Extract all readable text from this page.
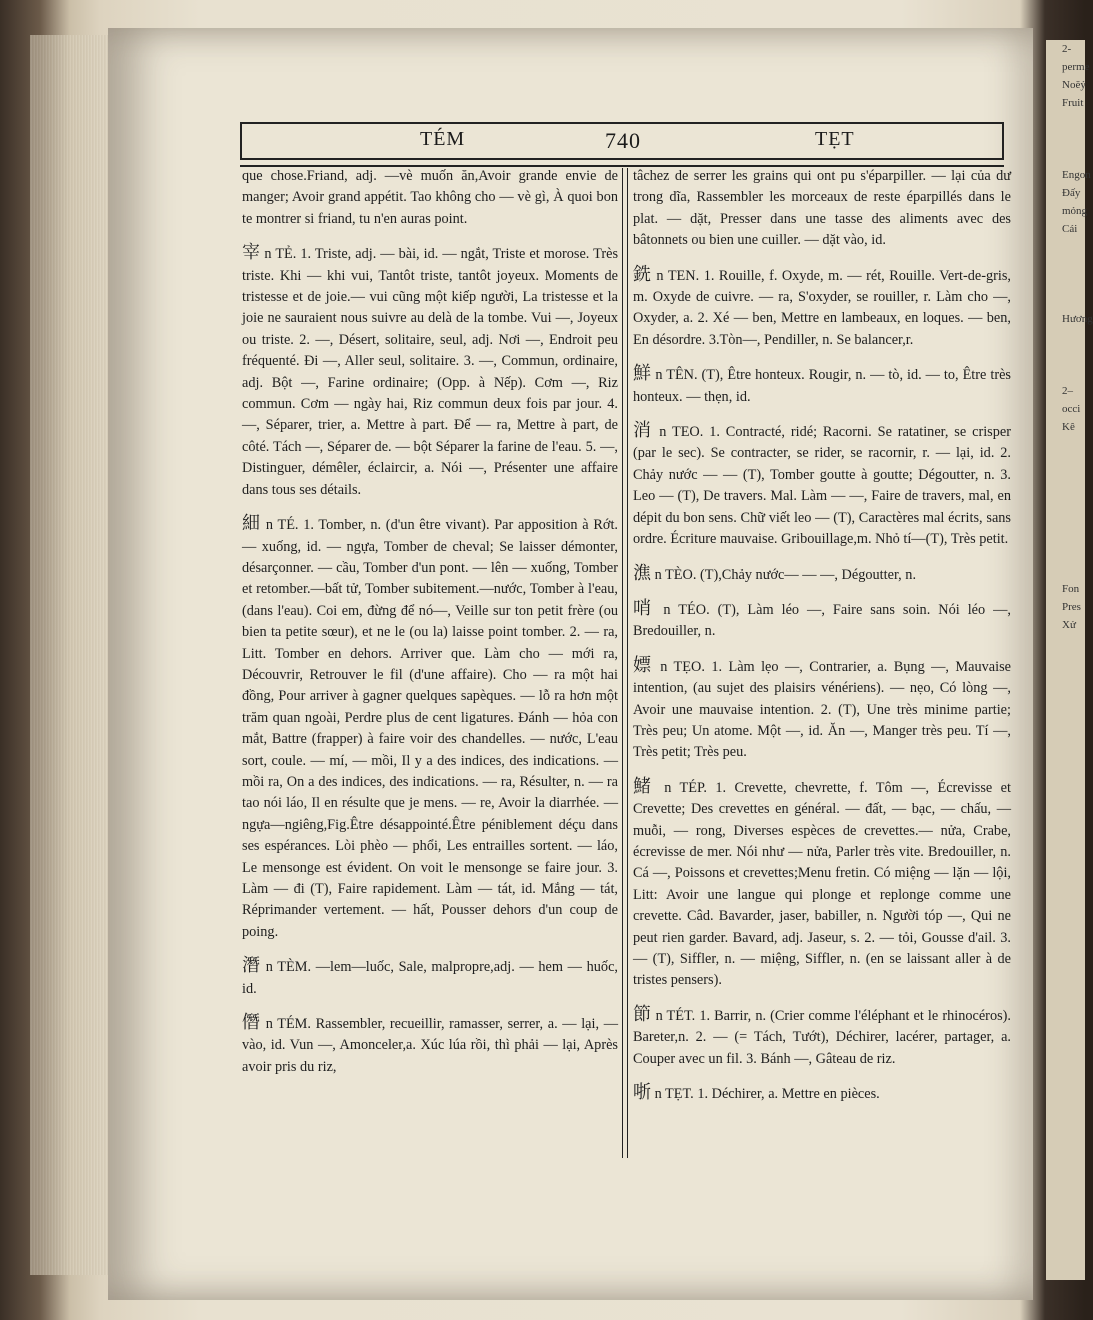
2-
perme
Noĕỷ
Fruit

Engon
Đấy
mỏng
Cái

Hương

2–
occi
Kê

Fon
Pres
Xử
TÉM	740	TẸT

que chose.Friand, adj. —vè muốn ăn,Avoir grande envie de manger; Avoir grand appétit. Tao không cho — vè gì, À quoi bon te montrer si friand, tu n'en auras point.

宰 n TẺ. 1. Triste, adj. — bài, id. — ngắt, Triste et morose. Très triste. Khi — khi vui, Tantôt triste, tantôt joyeux. Moments de tristesse et de joie.— vui cũng một kiếp người, La tristesse et la joie ne sauraient nous suivre au delà de la tombe. Vui —, Joyeux ou triste. 2. —, Désert, solitaire, seul, adj. Nơi —, Endroit peu fréquenté. Đi —, Aller seul, solitaire. 3. —, Commun, ordinaire, adj. Bột —, Farine ordinaire; (Opp. à Nếp). Cơm —, Riz commun. Cơm — ngày hai, Riz commun deux fois par jour. 4. —, Séparer, trier, a. Mettre à part. Để — ra, Mettre à part, de côté. Tách —, Séparer de. — bột Séparer la farine de l'eau. 5. —, Distinguer, démêler, éclaircir, a. Nói —, Présenter une affaire dans tous ses détails.

細 n TÉ. 1. Tomber, n. (d'un être vivant). Par apposition à Rớt. — xuống, id. — ngựa, Tomber de cheval; Se laisser démonter, désarçonner. — cầu, Tomber d'un pont. — lên — xuống, Tomber et retomber.—bất tử, Tomber subitement.—nước, Tomber à l'eau,(dans l'eau). Coi em, đừng để nó—, Veille sur ton petit frère (ou bien ta petite sœur), et ne le (ou la) laisse point tomber. 2. — ra, Litt. Tomber en dehors. Arriver que. Làm cho — mới ra, Découvrir, Retrouver le fil (d'une affaire). Cho — ra một hai đồng, Pour arriver à gagner quelques sapèques. — lỗ ra hơn một trăm quan ngoài, Perdre plus de cent ligatures. Đánh — hỏa con mắt, Battre (frapper) à faire voir des chandelles. — nước, L'eau sort, coule. — mí, — mồi, Il y a des indices, des indications. — mồi ra, On a des indices, des indications. — ra, Résulter, n. — ra tao nói láo, Il en résulte que je mens. — re, Avoir la diarrhée. —ngựa—ngiêng,Fig.Être désappointé.Être péniblement déçu dans ses espérances. Lòi phèo — phổi, Les entrailles sortent. — láo, Le mensonge est évident. On voit le mensonge se faire jour. 3. Làm — đi (T), Faire rapidement. Làm — tát, id. Mắng — tát, Réprimander vertement. — hất, Pousser dehors d'un coup de poing.

潛 n TÈM. —lem—luốc, Sale, malpropre,adj. — hem — huốc, id.

僭 n TÉM. Rassembler, recueillir, ramasser, serrer, a. — lại, — vào, id. Vun —, Amonceler,a. Xúc lúa rồi, thì phải — lại, Après avoir pris du riz,

tâchez de serrer les grains qui ont pu s'éparpiller. — lại của dư trong dĩa, Rassembler les morceaux de reste éparpillés dans le plat. — dặt, Presser dans une tasse des aliments avec des bâtonnets ou bien une cuiller. — dặt vào, id.

銑 n TEN. 1. Rouille, f. Oxyde, m. — rét, Rouille. Vert-de-gris, m. Oxyde de cuivre. — ra, S'oxyder, se rouiller, r. Làm cho —, Oxyder, a. 2. Xé — ben, Mettre en lambeaux, en loques. — ben, En désordre. 3.Tòn—, Pendiller, n. Se balancer,r.

鮮 n TÊN. (T), Être honteux. Rougir, n. — tò, id. — to, Être très honteux. — thẹn, id.

消 n TEO. 1. Contracté, ridé; Racorni. Se ratatiner, se crisper (par le sec). Se contracter, se rider, se racornir, r. — lại, id. 2. Chảy nước — — (T), Tomber goutte à goutte; Dégoutter, n. 3. Leo — (T), De travers. Mal. Làm — —, Faire de travers, mal, en dépit du bon sens. Chữ viết leo — (T), Caractères mal écrits, sans ordre. Écriture mauvaise. Gribouillage,m. Nhỏ tí—(T), Très petit.

潐 n TÈO. (T),Chảy nước— — —, Dégoutter, n.

哨 n TÉO. (T), Làm léo —, Faire sans soin. Nói léo —, Bredouiller, n.

嫖 n TẸO. 1. Làm lẹo —, Contrarier, a. Bụng —, Mauvaise intention, (au sujet des plaisirs vénériens). — nẹo, Có lòng —, Avoir une mauvaise intention. 2. (T), Une très minime partie; Très peu; Un atome. Một —, id. Ăn —, Manger très peu. Tí —, Très petit; Très peu.

鯺 n TÉP. 1. Crevette, chevrette, f. Tôm —, Écrevisse et Crevette; Des crevettes en général. — đất, — bạc, — chấu, — muỗi, — rong, Diverses espèces de crevettes.— nửa, Crabe, écrevisse de mer. Nói như — nửa, Parler très vite. Bredouiller, n. Cá —, Poissons et crevettes;Menu fretin. Có miệng — lặn — lội, Litt: Avoir une langue qui plonge et replonge comme une crevette. Câd. Bavarder, jaser, babiller, n. Người tóp —, Qui ne peut rien garder. Bavard, adj. Jaseur, s. 2. — tỏi, Gousse d'ail. 3. — (T), Siffler, n. — miệng, Siffler, n. (en se laissant aller à de tristes pensers).

節 n TÉT. 1. Barrir, n. (Crier comme l'éléphant et le rhinocéros). Bareter,n. 2. — (= Tách, Tướt), Déchirer, lacérer, partager, a. Couper avec un fil. 3. Bánh —, Gâteau de riz.

哳 n TẸT. 1. Déchirer, a. Mettre en pièces.
